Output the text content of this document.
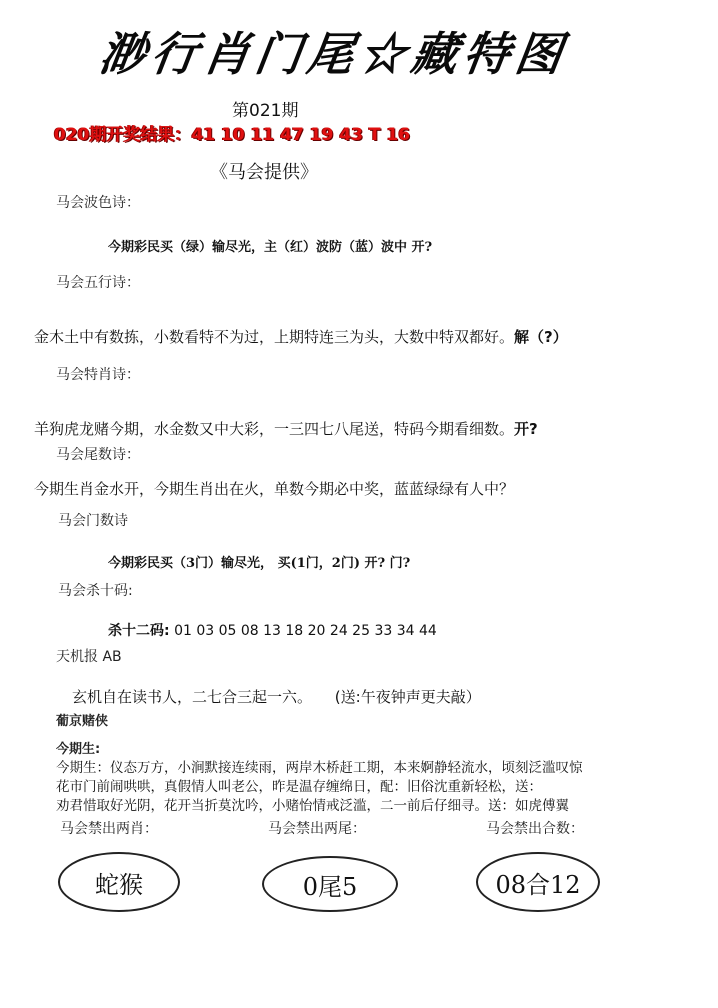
渺行肖门尾☆藏特图
第021期
020期开奖结果：41 10 11 47 19 43 T 16
《马会提供》
马会波色诗：
今期彩民买（绿）输尽光，主（红）波防（蓝）波中 开?
马会五行诗：
金木土中有数拣，小数看特不为过，上期特连三为头，大数中特双都好。解（?）
马会特肖诗：
羊狗虎龙赌今期，水金数又中大彩，一三四七八尾送，特码今期看细数。开?
马会尾数诗：
今期生肖金水开，今期生肖出在火，单数今期必中奖，蓝蓝绿绿有人中？
马会门数诗
今期彩民买（3门）输尽光， 买(1门，2门) 开? 门?
马会杀十码:
杀十二码: 01 03 05 08 13 18 20 24 25 33 34 44
天机报 AB
玄机自在读书人，二七合三起一六。 (送:午夜钟声更夫敲）
葡京赌侠
今期生:
今期生：仪态万方，小涧默接连续雨，两岸木桥赶工期，本来婀静轻流水，顷刻泛滥叹惊
花市门前闹哄哄，真假情人叫老公，昨是温存缠绵日，配：旧俗沈重新轻松，送：
劝君惜取好光阴，花开当折莫沈吟，小赌怡情戒泛滥，二一前后仔细寻。送：如虎傅翼
马会禁出两肖：	马会禁出两尾：	马会禁出合数：
蛇猴	0尾5	08合12
